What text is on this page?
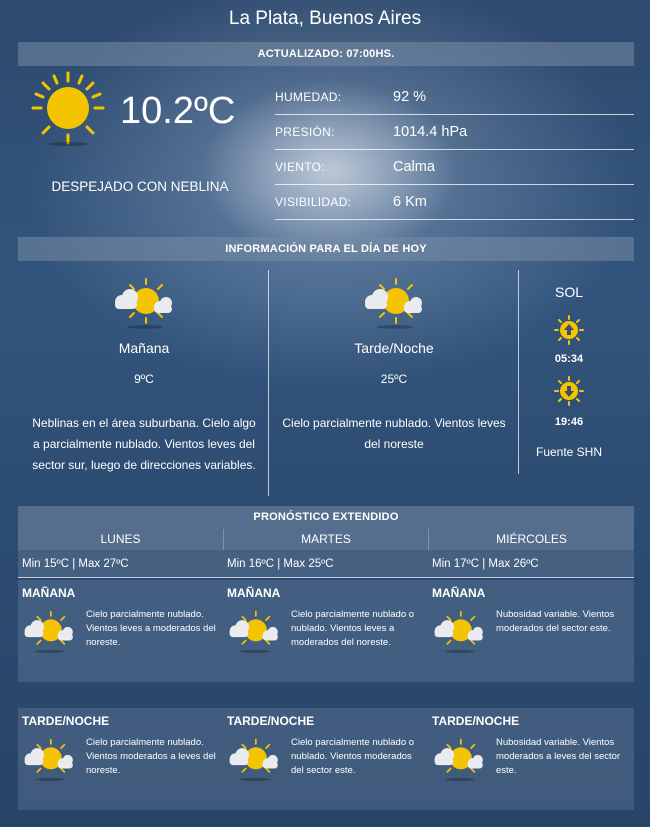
La Plata, Buenos Aires
ACTUALIZADO: 07:00HS.
10.2ºC
DESPEJADO CON NEBLINA
HUMEDAD:	92 %
PRESIÓN:	1014.4 hPa
VIENTO:	Calma
VISIBILIDAD:	6 Km
INFORMACIÓN PARA EL DÍA DE HOY
Mañana
9ºC

Neblinas en el área suburbana. Cielo algo a parcialmente nublado. Vientos leves del sector sur, luego de direcciones variables.

Tarde/Noche
25ºC

Cielo parcialmente nublado. Vientos leves del noreste

SOL
05:34
19:46
Fuente SHN
PRONÓSTICO EXTENDIDO
LUNES
Min 15ºC | Max 27ºC
MAÑANA
Cielo parcialmente nublado. Vientos leves a moderados del noreste.
TARDE/NOCHE
Cielo parcialmente nublado. Vientos moderados a leves del noreste.
MARTES
Min 16ºC | Max 25ºC
MAÑANA
Cielo parcialmente nublado o nublado. Vientos leves a moderados del noreste.
TARDE/NOCHE
Cielo parcialmente nublado o nublado. Vientos moderados del sector este.
MIÉRCOLES
Min 17ºC | Max 26ºC
MAÑANA
Nubosidad variable. Vientos moderados del sector este.
TARDE/NOCHE
Nubosidad variable. Vientos moderados a leves del sector este.
